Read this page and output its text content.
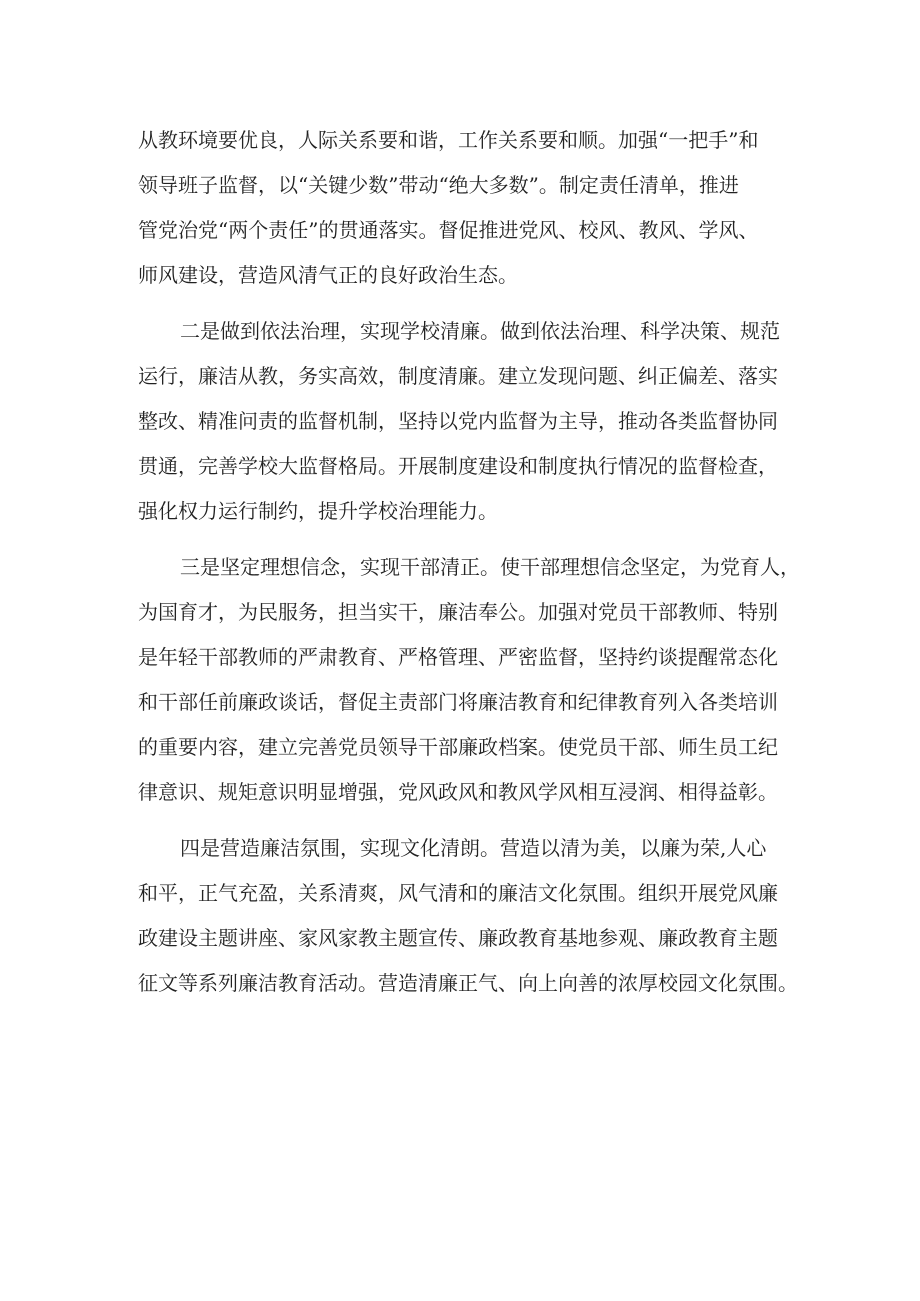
从教环境要优良，人际关系要和谐，工作关系要和顺。加强“一把手”和
领导班子监督，以“关键少数”带动“绝大多数”。制定责任清单，推进
管党治党“两个责任”的贯通落实。督促推进党风、校风、教风、学风、
师风建设，营造风清气正的良好政治生态。
二是做到依法治理，实现学校清廉。做到依法治理、科学决策、规范
运行，廉洁从教，务实高效，制度清廉。建立发现问题、纠正偏差、落实
整改、精准问责的监督机制，坚持以党内监督为主导，推动各类监督协同
贯通，完善学校大监督格局。开展制度建设和制度执行情况的监督检查，
强化权力运行制约，提升学校治理能力。
三是坚定理想信念，实现干部清正。使干部理想信念坚定，为党育人，
为国育才，为民服务，担当实干，廉洁奉公。加强对党员干部教师、特别
是年轻干部教师的严肃教育、严格管理、严密监督，坚持约谈提醒常态化
和干部任前廉政谈话，督促主责部门将廉洁教育和纪律教育列入各类培训
的重要内容，建立完善党员领导干部廉政档案。使党员干部、师生员工纪
律意识、规矩意识明显增强，党风政风和教风学风相互浸润、相得益彰。
四是营造廉洁氛围，实现文化清朗。营造以清为美，以廉为荣,人心
和平，正气充盈，关系清爽，风气清和的廉洁文化氛围。组织开展党风廉
政建设主题讲座、家风家教主题宣传、廉政教育基地参观、廉政教育主题
征文等系列廉洁教育活动。营造清廉正气、向上向善的浓厚校园文化氛围。
